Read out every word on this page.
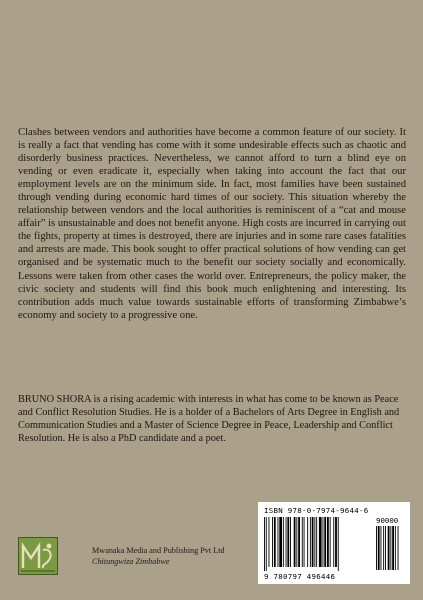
Clashes between vendors and authorities have become a common feature of our society. It is really a fact that vending has come with it some undesirable effects such as chaotic and disorderly business practices. Nevertheless, we cannot afford to turn a blind eye on vending or even eradicate it, especially when taking into account the fact that our employment levels are on the minimum side. In fact, most families have been sustained through vending during economic hard times of our society. This situation whereby the relationship between vendors and the local authorities is reminiscent of a “cat and mouse affair” is unsustainable and does not benefit anyone. High costs are incurred in carrying out the fights, property at times is destroyed, there are injuries and in some rare cases fatalities and arrests are made. This book sought to offer practical solutions of how vending can get organised and be systematic much to the benefit our society socially and economically. Lessons were taken from other cases the world over. Entrepreneurs, the policy maker, the civic society and students will find this book much enlightening and interesting. Its contribution adds much value towards sustainable efforts of transforming Zimbabwe’s economy and society to a progressive one.

BRUNO SHORA is a rising academic with interests in what has come to be known as Peace and Conflict Resolution Studies. He is a holder of a Bachelors of Arts Degree in English and Communication Studies and a Master of Science Degree in Peace, Leadership and Conflict Resolution. He is also a PhD candidate and a poet.

Mwanaka Media and Publishing Pvt Ltd
Chitungwiza Zimbabwe
ISBN 978-0-7974-9644-6
90000
9 780797 496446
